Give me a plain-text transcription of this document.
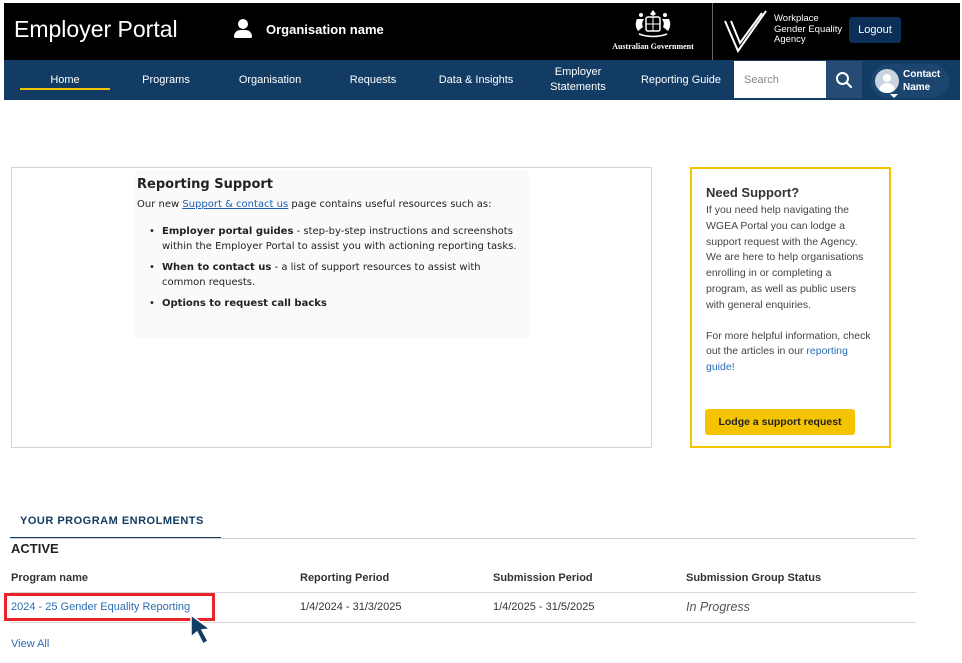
Employer Portal	Organisation name
Australian Government
Workplace
Gender Equality
Agency
Logout
Home	Programs	Organisation	Requests	Data & Insights
Employer Statements
Reporting Guide
Search	Contact Name
Reporting Support
Our new Support & contact us page contains useful resources such as:
• Employer portal guides - step-by-step instructions and screenshots within the Employer Portal to assist you with actioning reporting tasks.
• When to contact us - a list of support resources to assist with common requests.
• Options to request call backs
Need Support?
If you need help navigating the WGEA Portal you can lodge a support request with the Agency. We are here to help organisations enrolling in or completing a program, as well as public users with general enquiries.
For more helpful information, check out the articles in our reporting guide!
Lodge a support request
YOUR PROGRAM ENROLMENTS
ACTIVE
Program name	Reporting Period	Submission Period	Submission Group Status
2024 - 25 Gender Equality Reporting	1/4/2024 - 31/3/2025	1/4/2025 - 31/5/2025	In Progress
View All
